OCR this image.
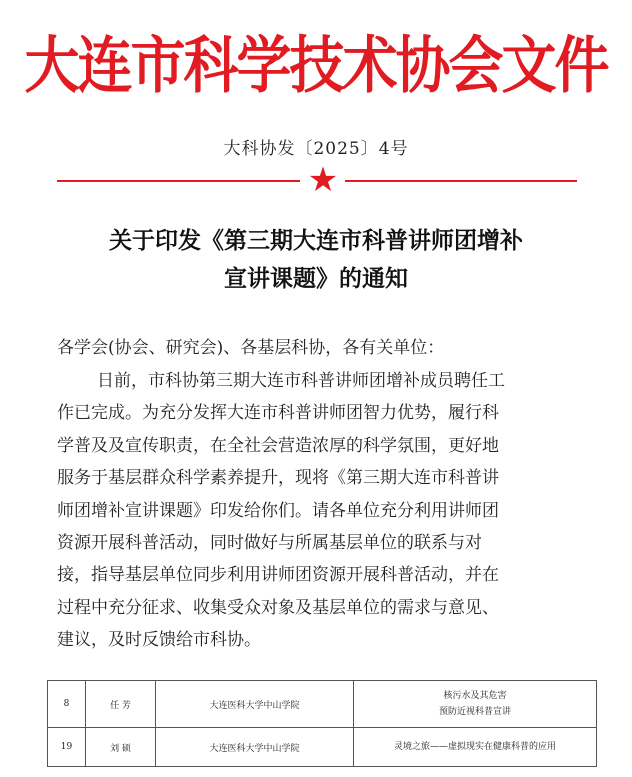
大连市科学技术协会文件
大科协发〔2025〕4号
★
关于印发《第三期大连市科普讲师团增补
宣讲课题》的通知
各学会(协会、研究会)、各基层科协，各有关单位：
日前，市科协第三期大连市科普讲师团增补成员聘任工
作已完成。为充分发挥大连市科普讲师团智力优势，履行科
学普及及宣传职责，在全社会营造浓厚的科学氛围，更好地
服务于基层群众科学素养提升，现将《第三期大连市科普讲
师团增补宣讲课题》印发给你们。请各单位充分利用讲师团
资源开展科普活动，同时做好与所属基层单位的联系与对
接，指导基层单位同步利用讲师团资源开展科普活动，并在
过程中充分征求、收集受众对象及基层单位的需求与意见、
建议，及时反馈给市科协。
8	任 芳	大连医科大学中山学院	核污水及其危害
预防近视科普宣讲

19	刘 硕	大连医科大学中山学院	灵境之旅——虚拟现实在健康科普的应用
